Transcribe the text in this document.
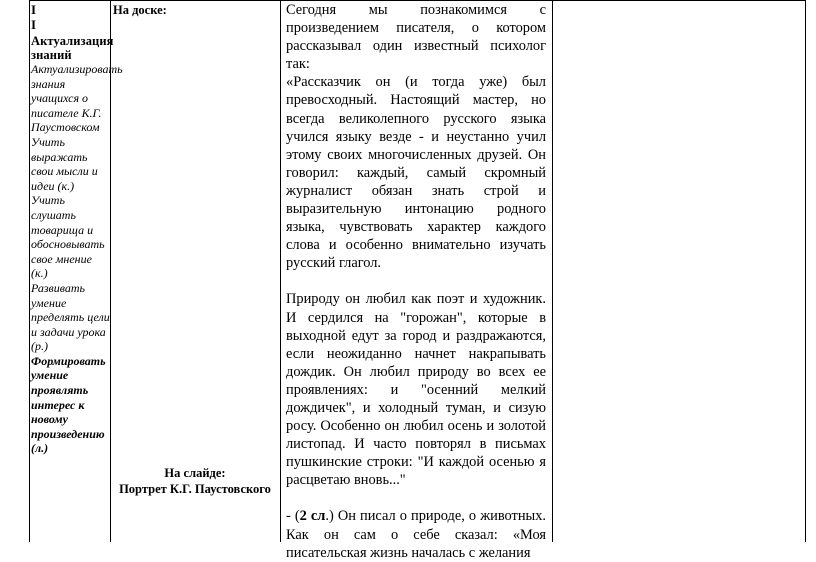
I
I
Актуализация знаний
Актуализировать знания учащихся о писателе К.Г. Паустовском
Учить выражать свои мысли и идеи (к.)
Учить слушать товарища и обосновывать свое мнение (к.)
Развивать умение пределять цели и задачи урока (р.)
Формировать умение проявлять интерес к новому произведению (л.)
На доске:
На слайде:
Портрет К.Г. Паустовского

Сегодня мы познакомимся с произведением писателя, о котором рассказывал один известный психолог так:

«Рассказчик он (и тогда уже) был превосходный. Настоящий мастер, но всегда великолепного русского языка учился языку везде - и неустанно учил этому своих многочисленных друзей. Он говорил: каждый, самый скромный журналист обязан знать строй и выразительную интонацию родного языка, чувствовать характер каждого слова и особенно внимательно изучать русский глагол.

Природу он любил как поэт и художник. И сердился на "горожан", которые в выходной едут за город и раздражаются, если неожиданно начнет накрапывать дождик. Он любил природу во всех ее проявлениях: и "осенний мелкий дождичек", и холодный туман, и сизую росу. Особенно он любил осень и золотой листопад. И часто повторял в письмах пушкинские строки: "И каждой осенью я расцветаю вновь..."

- (2 сл.) Он писал о природе, о животных. Как он сам о себе сказал: «Моя писательская жизнь началась с желания
